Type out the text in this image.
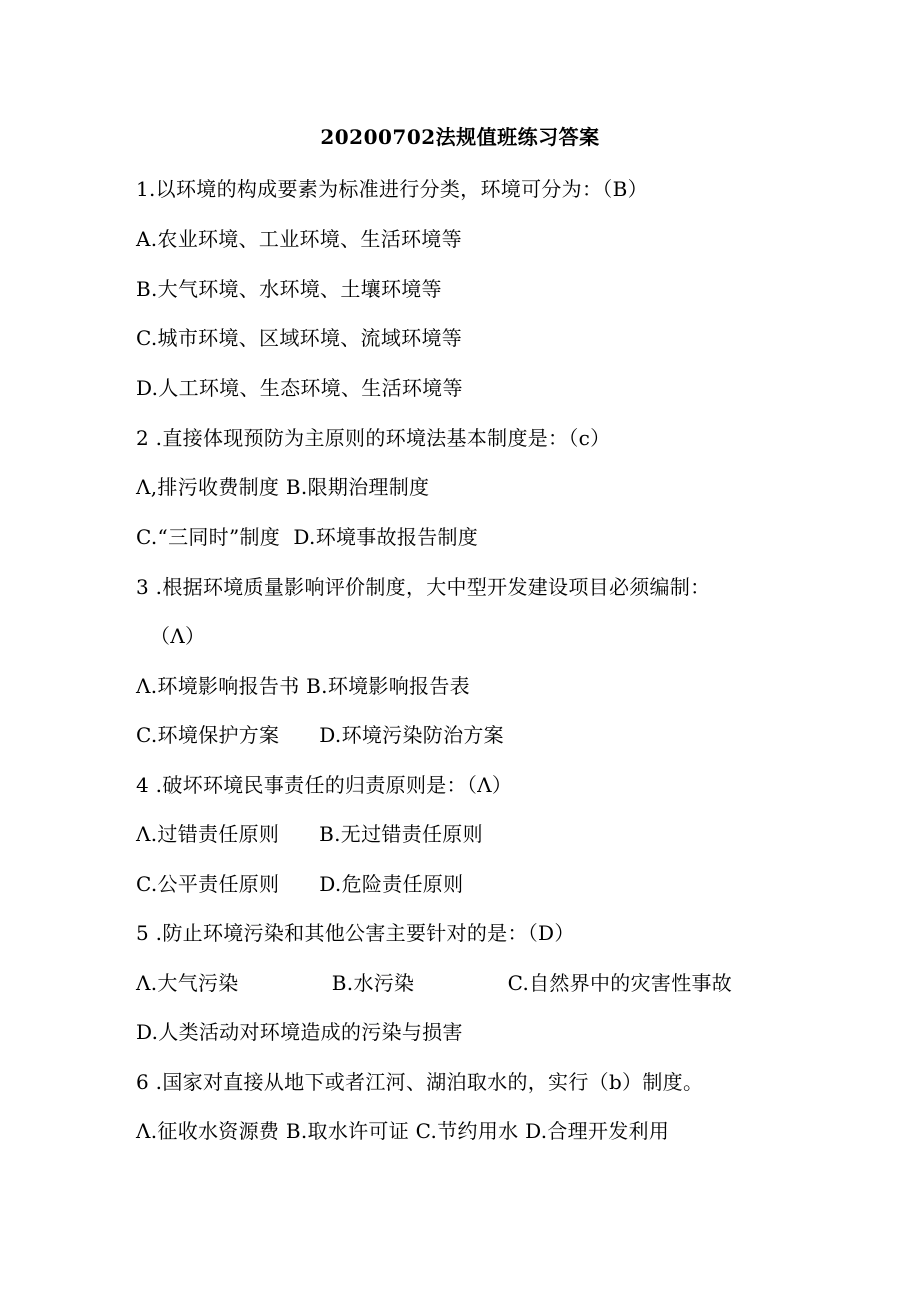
20200702法规值班练习答案
1.以环境的构成要素为标准进行分类，环境可分为：（B）
A.农业环境、工业环境、生活环境等
B.大气环境、水环境、土壤环境等
C.城市环境、区域环境、流域环境等
D.人工环境、生态环境、生活环境等
2 .直接体现预防为主原则的环境法基本制度是：（c）
Λ,排污收费制度 B.限期治理制度
C.“三同时”制度  D.环境事故报告制度
3 .根据环境质量影响评价制度，大中型开发建设项目必须编制：
（Λ）
Λ.环境影响报告书 B.环境影响报告表
C.环境保护方案      D.环境污染防治方案
4 .破坏环境民事责任的归责原则是：（Λ）
Λ.过错责任原则      B.无过错责任原则
C.公平责任原则      D.危险责任原则
5 .防止环境污染和其他公害主要针对的是：（D）
Λ.大气污染              B.水污染              C.自然界中的灾害性事故
D.人类活动对环境造成的污染与损害
6 .国家对直接从地下或者江河、湖泊取水的，实行（b）制度。
Λ.征收水资源费 B.取水许可证 C.节约用水 D.合理开发利用
